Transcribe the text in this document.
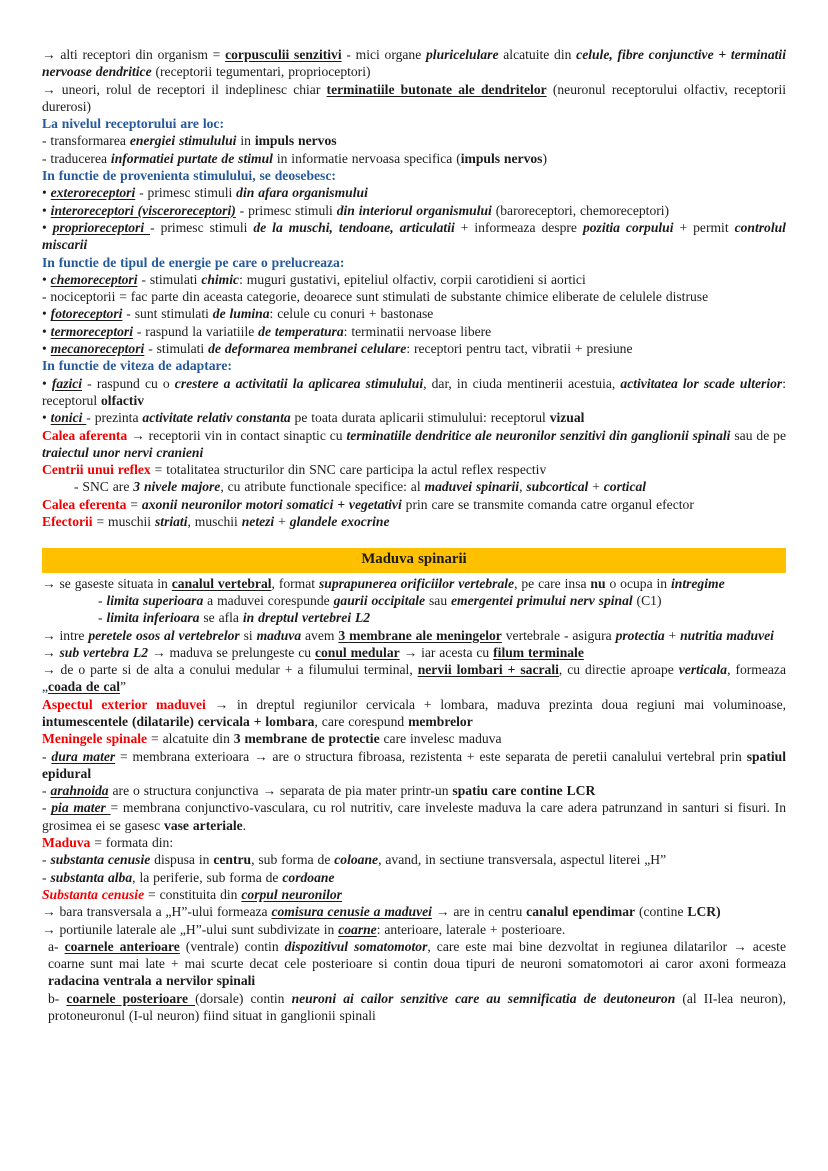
→ alti receptori din organism = corpusculii senzitivi - mici organe pluricelulare alcatuite din celule, fibre conjunctive + terminatii nervoase dendritice (receptorii tegumentari, proprioceptori)

→ uneori, rolul de receptori il indeplinesc chiar terminatiile butonate ale dendritelor (neuronul receptorului olfactiv, receptorii durerosi)

La nivelul receptorului are loc:

- transformarea energiei stimulului in impuls nervos

- traducerea informatiei purtate de stimul in informatie nervoasa specifica (impuls nervos)

In functie de provenienta stimulului, se deosebesc:

• exteroreceptori - primesc stimuli din afara organismului

• interoreceptori (visceroreceptori) - primesc stimuli din interiorul organismului (baroreceptori, chemoreceptori)

• proprioreceptori - primesc stimuli de la muschi, tendoane, articulatii + informeaza despre pozitia corpului + permit controlul miscarii

In functie de tipul de energie pe care o prelucreaza:

• chemoreceptori - stimulati chimic: muguri gustativi, epiteliul olfactiv, corpii carotidieni si aortici

- nociceptorii = fac parte din aceasta categorie, deoarece sunt stimulati de substante chimice eliberate de celulele distruse

• fotoreceptori - sunt stimulati de lumina: celule cu conuri + bastonase

• termoreceptori - raspund la variatiile de temperatura: terminatii nervoase libere

• mecanoreceptori - stimulati de deformarea membranei celulare: receptori pentru tact, vibratii + presiune

In functie de viteza de adaptare:

• fazici - raspund cu o crestere a activitatii la aplicarea stimulului, dar, in ciuda mentinerii acestuia, activitatea lor scade ulterior: receptorul olfactiv

• tonici - prezinta activitate relativ constanta pe toata durata aplicarii stimulului: receptorul vizual

Calea aferenta → receptorii vin in contact sinaptic cu terminatiile dendritice ale neuronilor senzitivi din ganglionii spinali sau de pe traiectul unor nervi cranieni

Centrii unui reflex = totalitatea structurilor din SNC care participa la actul reflex respectiv

- SNC are 3 nivele majore, cu atribute functionale specifice: al maduvei spinarii, subcortical + cortical

Calea eferenta = axonii neuronilor motori somatici + vegetativi prin care se transmite comanda catre organul efector

Efectorii = muschii striati, muschii netezi + glandele exocrine

Maduva spinarii

→ se gaseste situata in canalul vertebral, format suprapunerea orificiilor vertebrale, pe care insa nu o ocupa in intregime

- limita superioara a maduvei corespunde gaurii occipitale sau emergentei primului nerv spinal (C1)

- limita inferioara se afla in dreptul vertebrei L2

→ intre peretele osos al vertebrelor si maduva avem 3 membrane ale meningelor vertebrale - asigura protectia + nutritia maduvei

→ sub vertebra L2 → maduva se prelungeste cu conul medular → iar acesta cu filum terminale

→ de o parte si de alta a conului medular + a filumului terminal, nervii lombari + sacrali, cu directie aproape verticala, formeaza „coada de cal”

Aspectul exterior maduvei → in dreptul regiunilor cervicala + lombara, maduva prezinta doua regiuni mai voluminoase, intumescentele (dilatarile) cervicala + lombara, care corespund membrelor

Meningele spinale = alcatuite din 3 membrane de protectie care invelesc maduva

- dura mater = membrana exterioara → are o structura fibroasa, rezistenta + este separata de peretii canalului vertebral prin spatiul epidural

- arahnoida are o structura conjunctiva → separata de pia mater printr-un spatiu care contine LCR

- pia mater = membrana conjunctivo-vasculara, cu rol nutritiv, care inveleste maduva la care adera patrunzand in santuri si fisuri. In grosimea ei se gasesc vase arteriale.

Maduva = formata din:

- substanta cenusie dispusa in centru, sub forma de coloane, avand, in sectiune transversala, aspectul literei „H”

- substanta alba, la periferie, sub forma de cordoane

Substanta cenusie = constituita din corpul neuronilor

→ bara transversala a „H”-ului formeaza comisura cenusie a maduvei → are in centru canalul ependimar (contine LCR)

→ portiunile laterale ale „H”-ului sunt subdivizate in coarne: anterioare, laterale + posterioare.

a- coarnele anterioare (ventrale) contin dispozitivul somatomotor, care este mai bine dezvoltat in regiunea dilatarilor → aceste coarne sunt mai late + mai scurte decat cele posterioare si contin doua tipuri de neuroni somatomotori ai caror axoni formeaza radacina ventrala a nervilor spinali

b- coarnele posterioare (dorsale) contin neuroni ai cailor senzitive care au semnificatia de deutoneuron (al II-lea neuron), protoneuronul (I-ul neuron) fiind situat in ganglionii spinali
